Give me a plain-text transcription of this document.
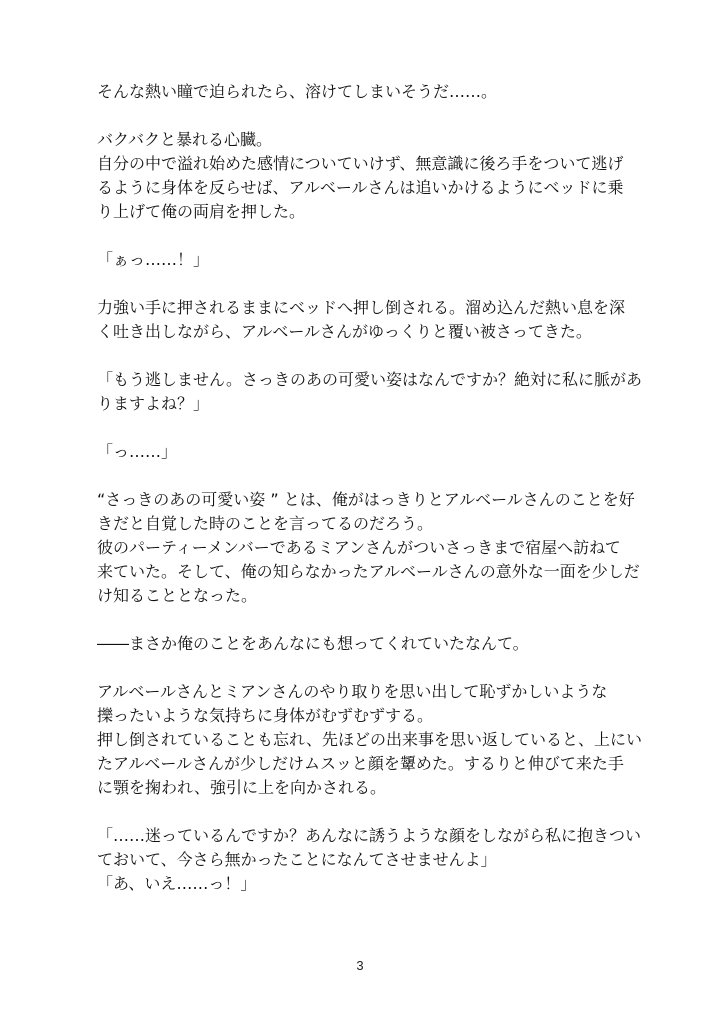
そんな熱い瞳で迫られたら、溶けてしまいそうだ……。
バクバクと暴れる心臓。
自分の中で溢れ始めた感情についていけず、無意識に後ろ手をついて逃げ
るように身体を反らせば、アルベールさんは追いかけるようにベッドに乗
り上げて俺の両肩を押した。
「ぁっ……！」
力強い手に押されるままにベッドへ押し倒される。溜め込んだ熱い息を深
く吐き出しながら、アルベールさんがゆっくりと覆い被さってきた。
「もう逃しません。さっきのあの可愛い姿はなんですか？絶対に私に脈があ
りますよね？」
「っ……」
“さっきのあの可愛い姿 ” とは、俺がはっきりとアルベールさんのことを好
きだと自覚した時のことを言ってるのだろう。
彼のパーティーメンバーであるミアンさんがついさっきまで宿屋へ訪ねて
来ていた。そして、俺の知らなかったアルベールさんの意外な一面を少しだ
け知ることとなった。
――まさか俺のことをあんなにも想ってくれていたなんて。
アルベールさんとミアンさんのやり取りを思い出して恥ずかしいような
擽ったいような気持ちに身体がむずむずする。
押し倒されていることも忘れ、先ほどの出来事を思い返していると、上にい
たアルベールさんが少しだけムスッと顔を顰めた。するりと伸びて来た手
に顎を掬われ、強引に上を向かされる。
「……迷っているんですか？あんなに誘うような顔をしながら私に抱きつい
ておいて、今さら無かったことになんてさせませんよ」
「あ、いえ……っ！」
3
